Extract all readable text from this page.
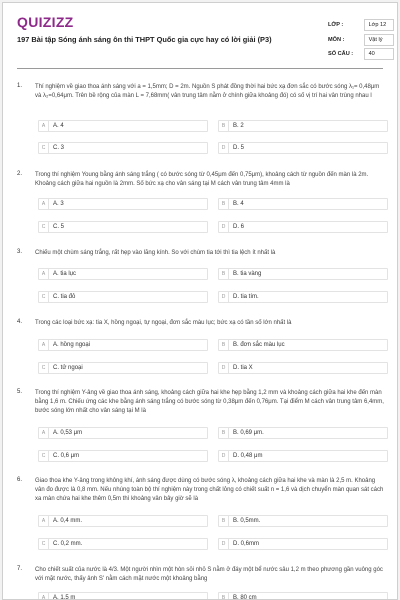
QUIZIZZ
197 Bài tập Sóng ánh sáng ôn thi THPT Quốc gia cực hay có lời giải (P3)
LỚP :	Lớp 12
MÔN :	Vật lý
SỐ CÂU :	40
1. Thí nghiệm về giao thoa ánh sáng với a = 1,5mm; D = 2m. Nguồn S phát đồng thời hai bức xạ đơn sắc có bước sóng λ₁= 0,48μm và λ₂=0,64μm. Trên bề rộng của màn L = 7,68mm( vân trung tâm nằm ở chính giữa khoảng đó) có số vị trí hai vân trùng nhau l
A	A. 4	B	B. 2
C	C. 3	D	D. 5
2. Trong thí nghiệm Young bằng ánh sáng trắng ( có bước sóng từ 0,45μm đến 0,75μm), khoảng cách từ nguồn đến màn là 2m. Khoảng cách giữa hai nguồn là 2mm. Số bức xạ cho vân sáng tại M cách vân trung tâm 4mm là
A	A. 3	B	B. 4
C	C. 5	D	D. 6
3. Chiếu một chùm sáng trắng, rất hẹp vào lăng kính. So với chùm tia tới thì tia lệch ít nhất là
A	A. tia lục	B	B. tia vàng
C	C. tia đỏ	D	D. tia tím.
4. Trong các loại bức xạ: tia X, hồng ngoại, tự ngoại, đơn sắc màu lục; bức xạ có tần số lớn nhất là
A	A. hồng ngoại	B	B. đơn sắc màu lục
C	C. tử ngoại	D	D. tia X
5. Trong thí nghiệm Y-âng về giao thoa ánh sáng, khoảng cách giữa hai khe hẹp bằng 1,2 mm và khoảng cách giữa hai khe đến màn bằng 1,6 m. Chiếu ứng các khe bằng ánh sáng trắng có bước sóng từ 0,38μm đến 0,76μm. Tại điểm M cách vân trung tâm 6,4mm, bước sóng lớn nhất cho vân sáng tại M là
A	A. 0,53 μm	B	B. 0,69 μm.
C	C. 0,6 μm	D	D. 0,48 μm
6. Giao thoa khe Y-âng trong không khí, ánh sáng được dùng có bước sóng λ, khoảng cách giữa hai khe và màn là 2,5 m. Khoảng vân đo được là 0,8 mm. Nếu nhúng toàn bộ thí nghiệm này trong chất lỏng có chiết suất n = 1,6 và dịch chuyển màn quan sát cách xa màn chứa hai khe thêm 0,5m thì khoảng vân bây giờ sẽ là
A	A. 0,4 mm.	B	B. 0,5mm.
C	C. 0,2 mm.	D	D. 0,6mm
7. Cho chiết suất của nước là 4/3. Một người nhìn một hòn sỏi nhỏ S nằm ở đáy một bể nước sâu 1,2 m theo phương gần vuông góc với mặt nước, thấy ảnh S' nằm cách mặt nước một khoảng bằng
A	A. 1,5 m	B	B. 80 cm
